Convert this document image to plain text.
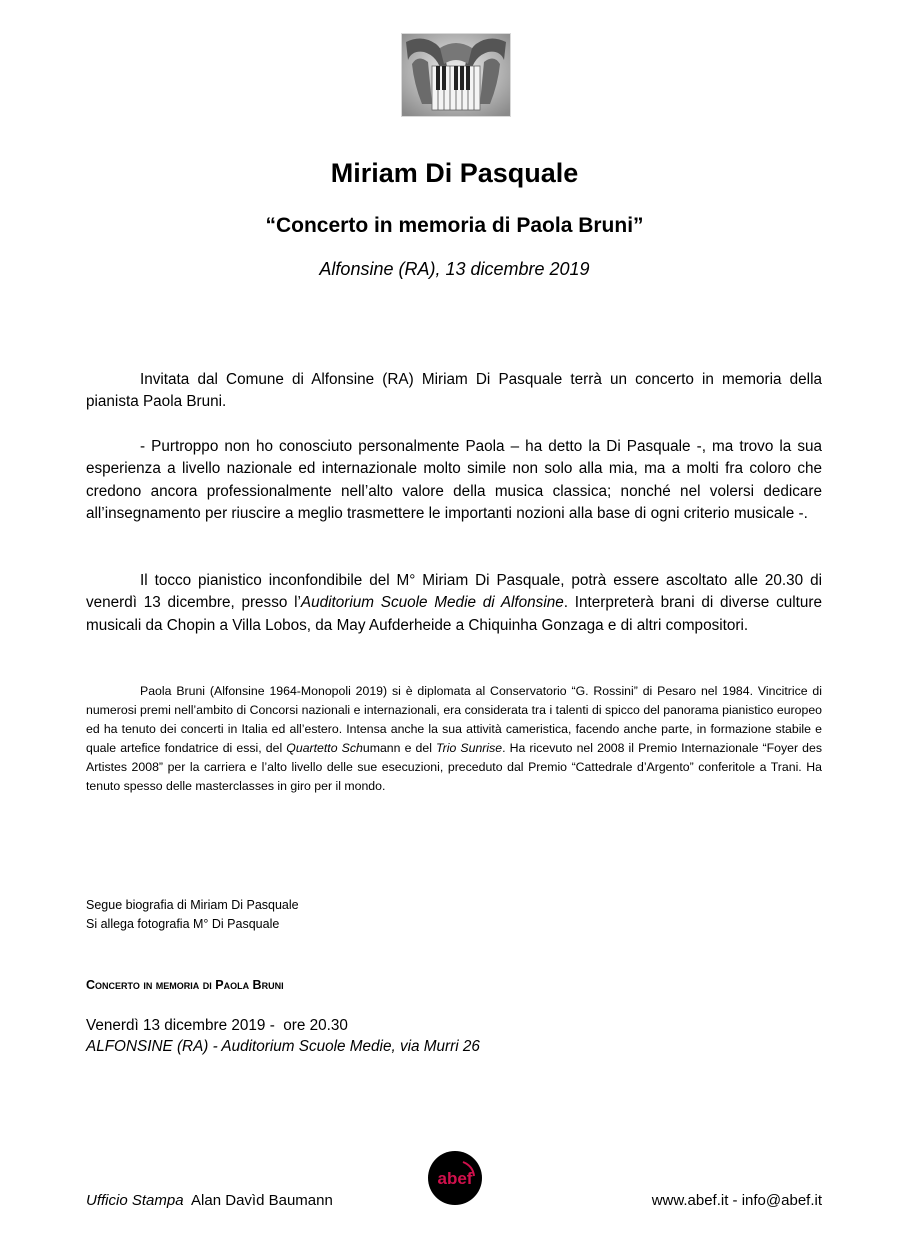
Miriam Di Pasquale
“Concerto in memoria di Paola Bruni”
Alfonsine (RA), 13 dicembre 2019

Invitata dal Comune di Alfonsine (RA) Miriam Di Pasquale terrà un concerto in memoria della pianista Paola Bruni.

- Purtroppo non ho conosciuto personalmente Paola – ha detto la Di Pasquale -, ma trovo la sua esperienza a livello nazionale ed internazionale molto simile non solo alla mia, ma a molti fra coloro che credono ancora professionalmente nell’alto valore della musica classica; nonché nel volersi dedicare all’insegnamento per riuscire a meglio trasmettere le importanti nozioni alla base di ogni criterio musicale -.

Il tocco pianistico inconfondibile del M° Miriam Di Pasquale, potrà essere ascoltato alle 20.30 di venerdì 13 dicembre, presso l’Auditorium Scuole Medie di Alfonsine. Interpreterà brani di diverse culture musicali da Chopin a Villa Lobos, da May Aufderheide a Chiquinha Gonzaga e di altri compositori.

Paola Bruni (Alfonsine 1964-Monopoli 2019) si è diplomata al Conservatorio “G. Rossini” di Pesaro nel 1984. Vincitrice di numerosi premi nell’ambito di Concorsi nazionali e internazionali, era considerata tra i talenti di spicco del panorama pianistico europeo ed ha tenuto dei concerti in Italia ed all’estero. Intensa anche la sua attività cameristica, facendo anche parte, in formazione stabile e quale artefice fondatrice di essi, del Quartetto Schumann e del Trio Sunrise. Ha ricevuto nel 2008 il Premio Internazionale “Foyer des Artistes 2008” per la carriera e l’alto livello delle sue esecuzioni, preceduto dal Premio “Cattedrale d’Argento” conferitole a Trani. Ha tenuto spesso delle masterclasses in giro per il mondo.

Segue biografia di Miriam Di Pasquale
Si allega fotografia M° Di Pasquale
Concerto in memoria di Paola Bruni
Venerdì 13 dicembre 2019 -  ore 20.30
ALFONSINE (RA) - Auditorium Scuole Medie, via Murri 26
Ufficio Stampa  Alan Davìd Baumann
abef
www.abef.it - info@abef.it
